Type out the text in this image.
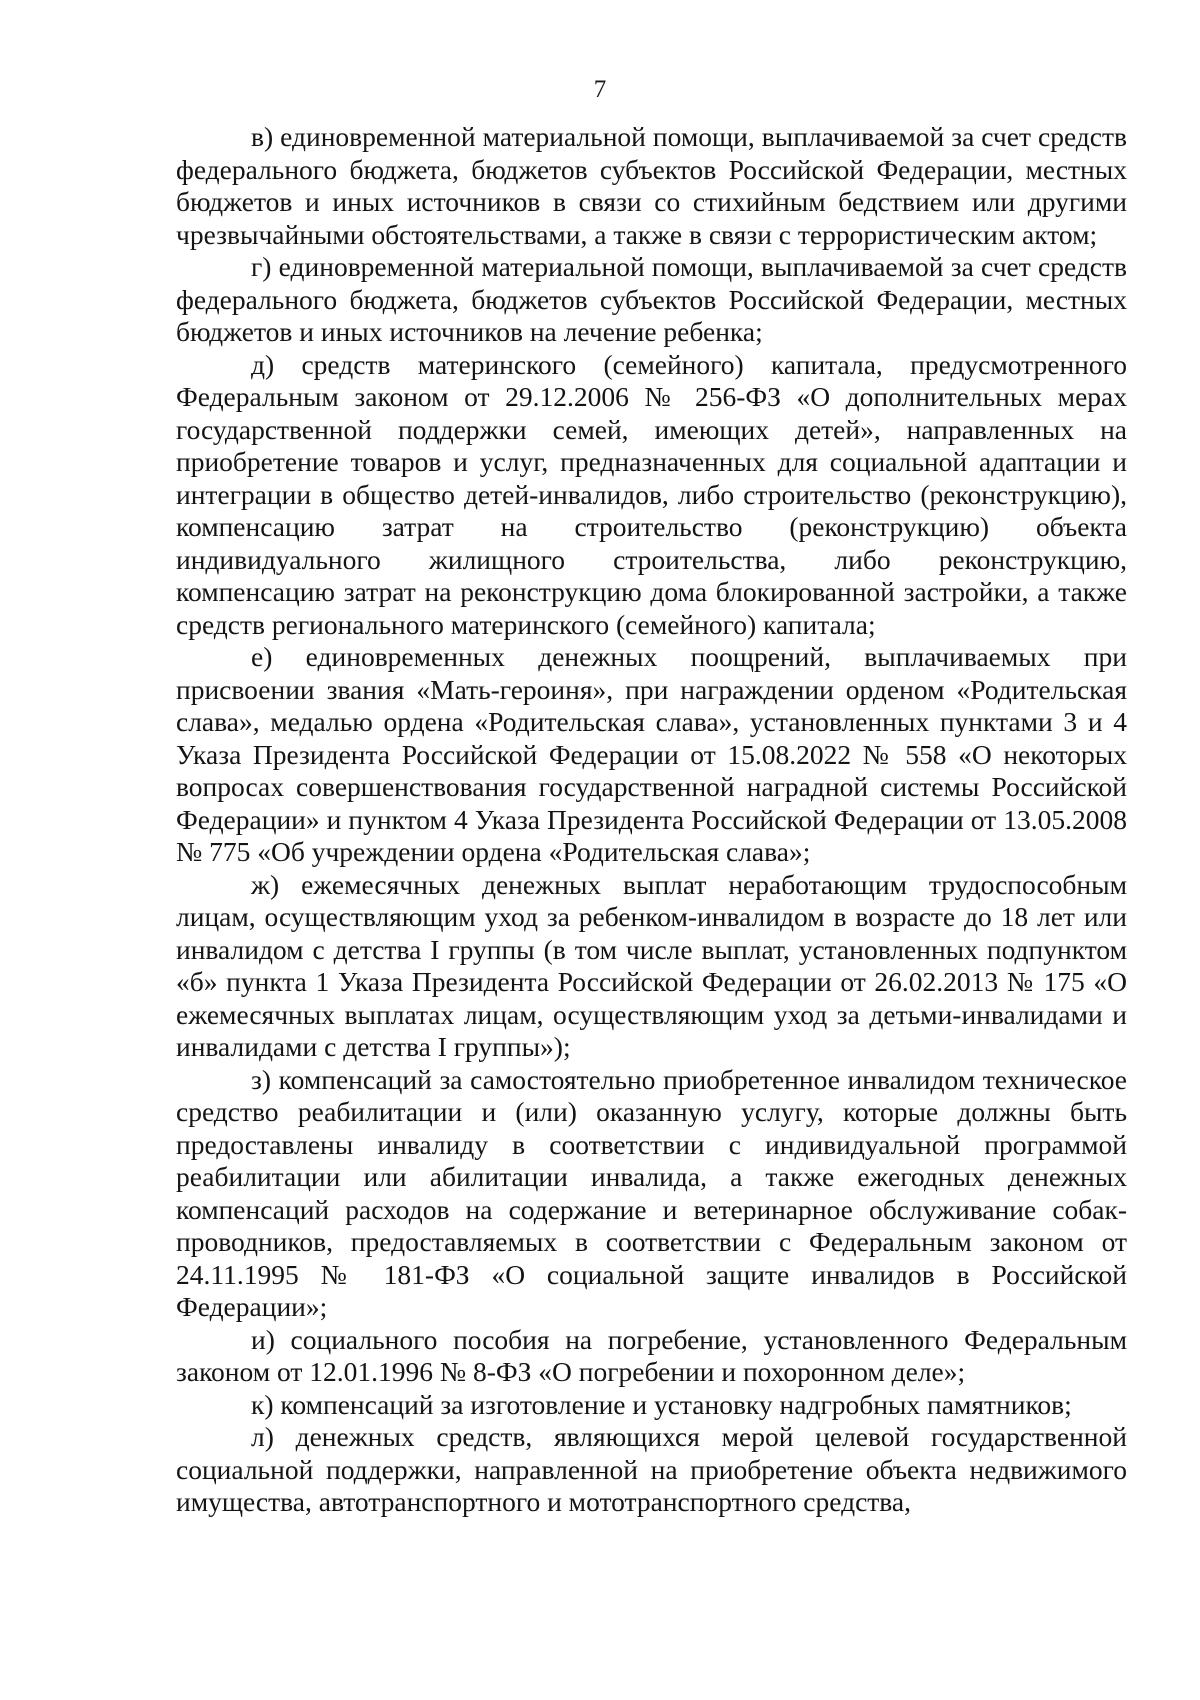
7

в) единовременной материальной помощи, выплачиваемой за счет средств федерального бюджета, бюджетов субъектов Российской Федерации, местных бюджетов и иных источников в связи со стихийным бедствием или другими чрезвычайными обстоятельствами, а также в связи с террористическим актом;

г) единовременной материальной помощи, выплачиваемой за счет средств федерального бюджета, бюджетов субъектов Российской Федерации, местных бюджетов и иных источников на лечение ребенка;

д) средств материнского (семейного) капитала, предусмотренного Федеральным законом от 29.12.2006 № 256-ФЗ «О дополнительных мерах государственной поддержки семей, имеющих детей», направленных на приобретение товаров и услуг, предназначенных для социальной адаптации и интеграции в общество детей-инвалидов, либо строительство (реконструкцию), компенсацию затрат на строительство (реконструкцию) объекта индивидуального жилищного строительства, либо реконструкцию, компенсацию затрат на реконструкцию дома блокированной застройки, а также средств регионального материнского (семейного) капитала;

е) единовременных денежных поощрений, выплачиваемых при присвоении звания «Мать-героиня», при награждении орденом «Родительская слава», медалью ордена «Родительская слава», установленных пунктами 3 и 4 Указа Президента Российской Федерации от 15.08.2022 № 558 «О некоторых вопросах совершенствования государственной наградной системы Российской Федерации» и пунктом 4 Указа Президента Российской Федерации от 13.05.2008 № 775 «Об учреждении ордена «Родительская слава»;

ж) ежемесячных денежных выплат неработающим трудоспособным лицам, осуществляющим уход за ребенком-инвалидом в возрасте до 18 лет или инвалидом с детства I группы (в том числе выплат, установленных подпунктом «б» пункта 1 Указа Президента Российской Федерации от 26.02.2013 № 175 «О ежемесячных выплатах лицам, осуществляющим уход за детьми-инвалидами и инвалидами с детства I группы»);

з) компенсаций за самостоятельно приобретенное инвалидом техническое средство реабилитации и (или) оказанную услугу, которые должны быть предоставлены инвалиду в соответствии с индивидуальной программой реабилитации или абилитации инвалида, а также ежегодных денежных компенсаций расходов на содержание и ветеринарное обслуживание собак-проводников, предоставляемых в соответствии с Федеральным законом от 24.11.1995 № 181-ФЗ «О социальной защите инвалидов в Российской Федерации»;

и) социального пособия на погребение, установленного Федеральным законом от 12.01.1996 № 8-ФЗ «О погребении и похоронном деле»;

к) компенсаций за изготовление и установку надгробных памятников;

л) денежных средств, являющихся мерой целевой государственной социальной поддержки, направленной на приобретение объекта недвижимого имущества, автотранспортного и мототранспортного средства,
